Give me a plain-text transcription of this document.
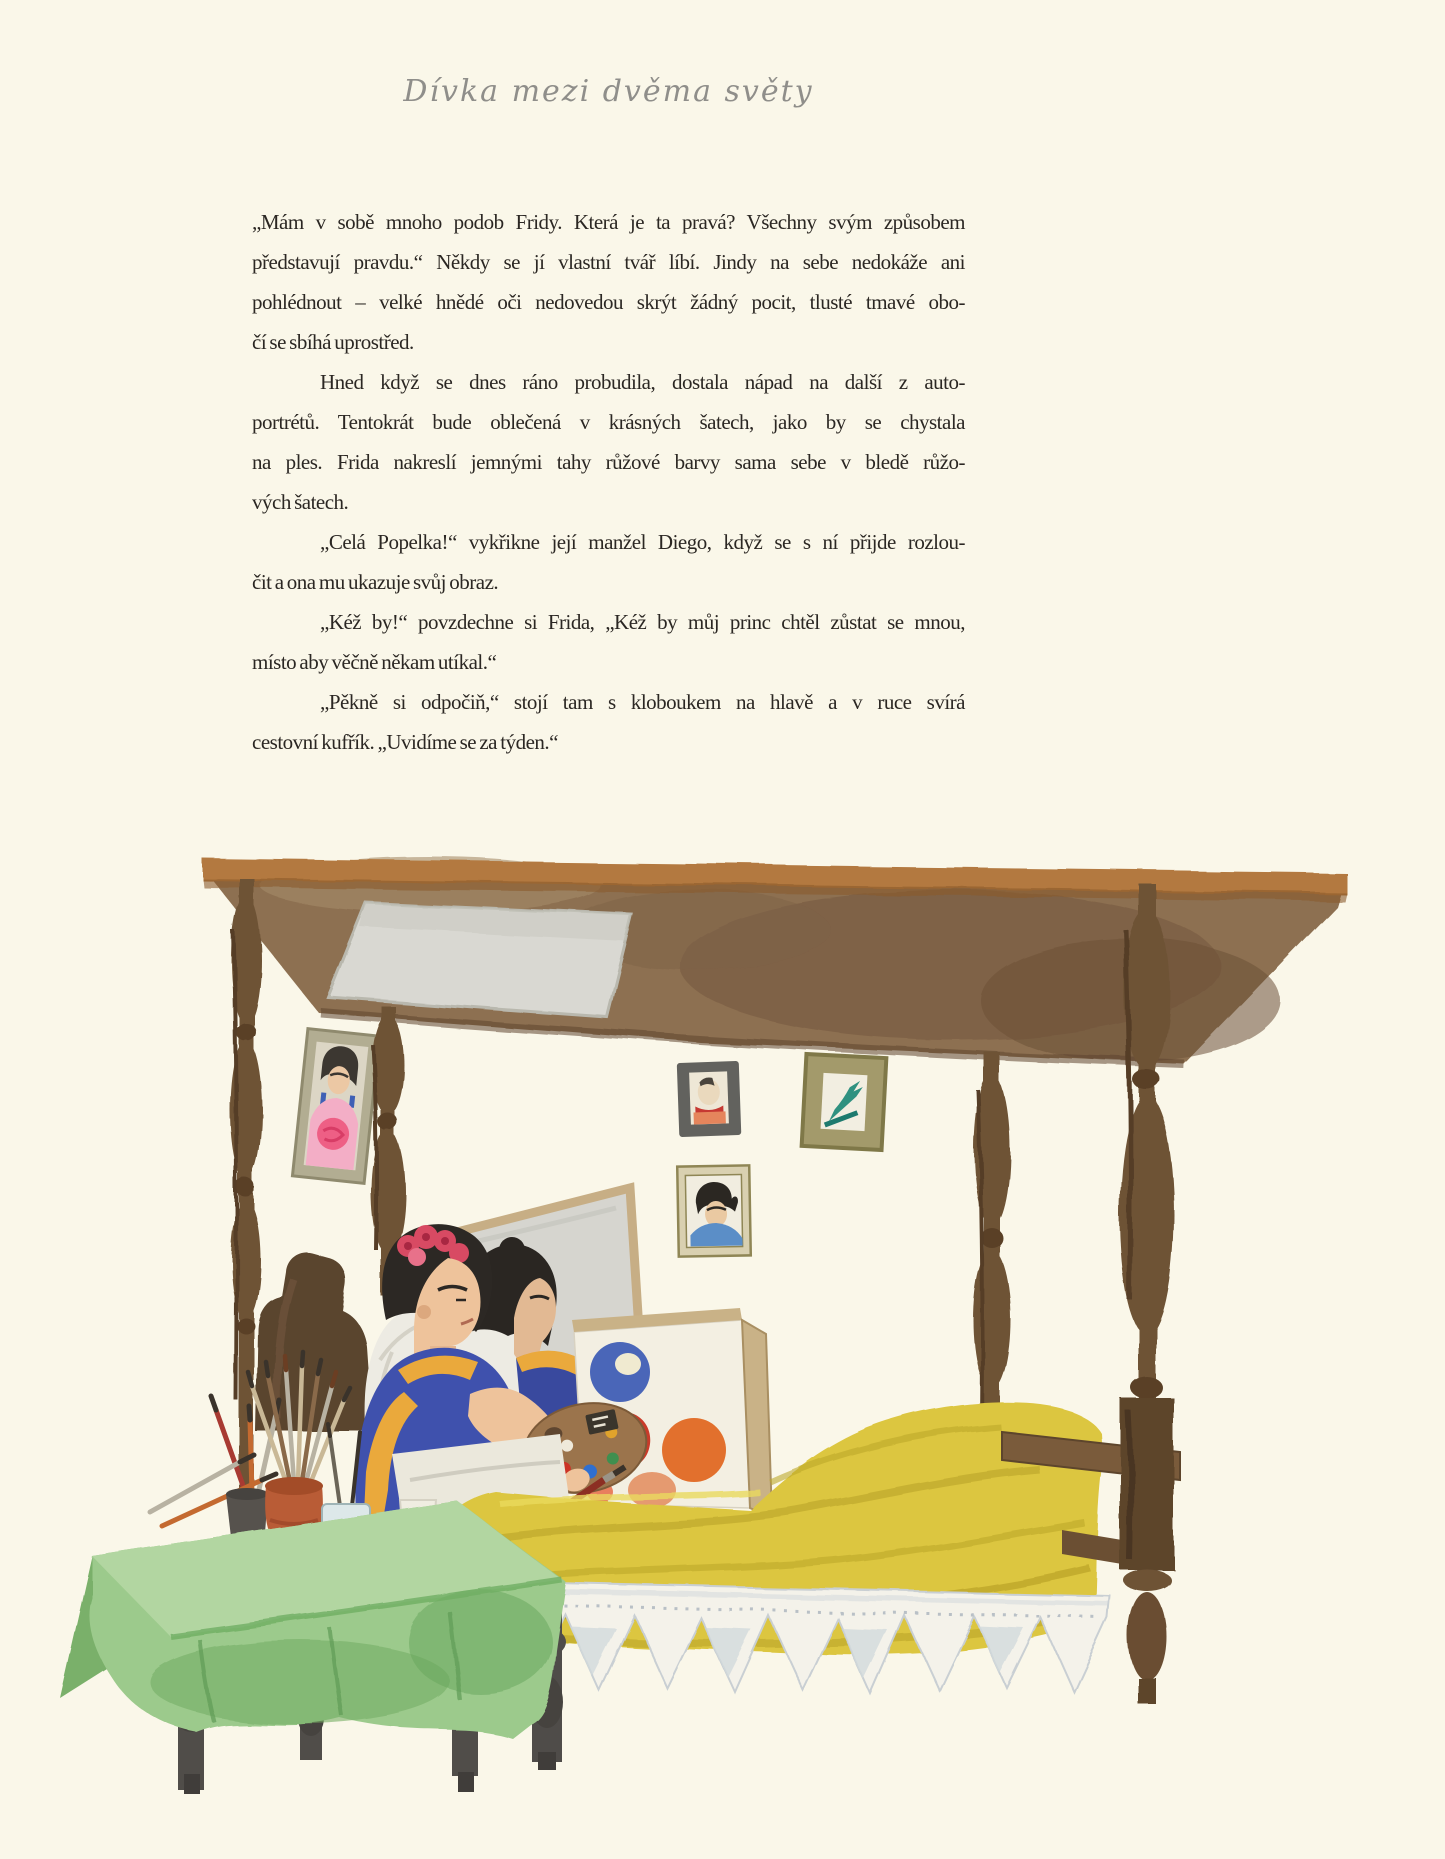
Dívka mezi dvěma světy
„Mám v sobě mnoho podob Fridy. Která je ta pravá? Všechny svým způsobem
představují pravdu.“ Někdy se jí vlastní tvář líbí. Jindy na sebe nedokáže ani
pohlédnout – velké hnědé oči nedovedou skrýt žádný pocit, tlusté tmavé obo-
čí se sbíhá uprostřed.
Hned když se dnes ráno probudila, dostala nápad na další z auto-
portrétů. Tentokrát bude oblečená v krásných šatech, jako by se chystala
na ples. Frida nakreslí jemnými tahy růžové barvy sama sebe v bledě růžo-
vých šatech.
„Celá Popelka!“ vykřikne její manžel Diego, když se s ní přijde rozlou-
čit a ona mu ukazuje svůj obraz.
„Kéž by!“ povzdechne si Frida, „Kéž by můj princ chtěl zůstat se mnou,
místo aby věčně někam utíkal.“
„Pěkně si odpočiň,“ stojí tam s kloboukem na hlavě a v ruce svírá
cestovní kufřík. „Uvidíme se za týden.“
